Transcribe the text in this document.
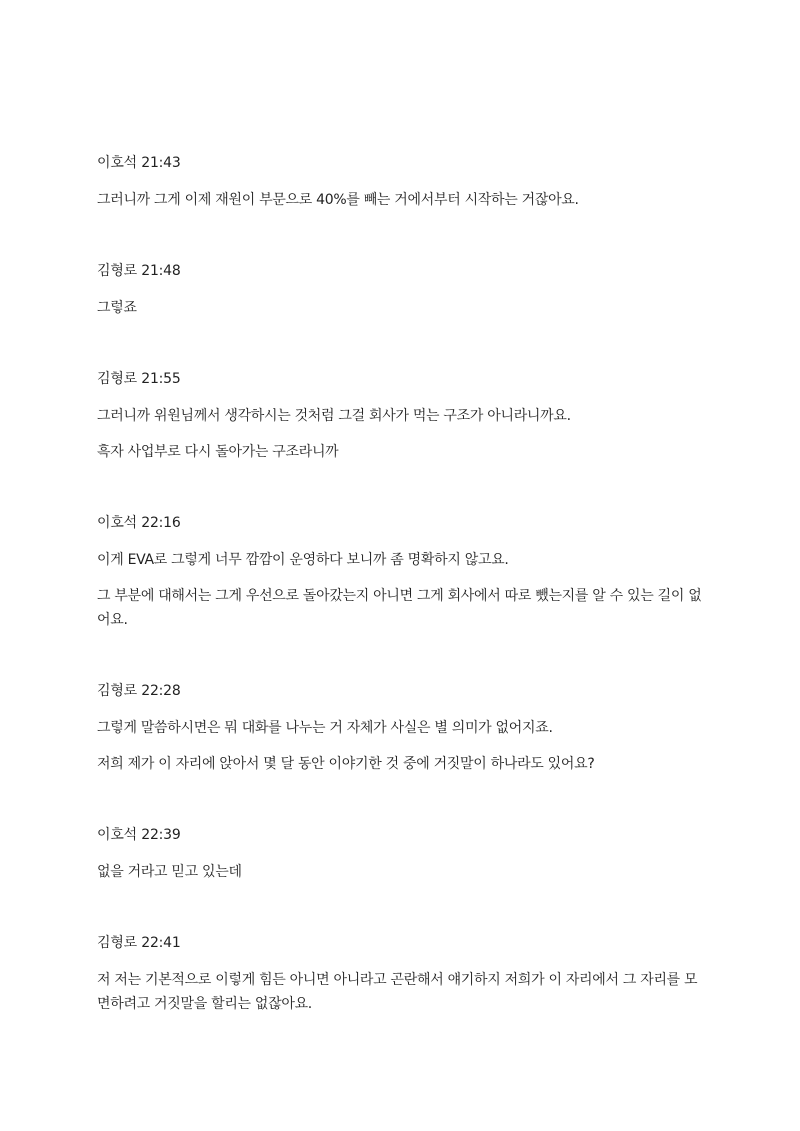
이호석 21:43

그러니까 그게 이제 재원이 부문으로 40%를 빼는 거에서부터 시작하는 거잖아요.

김형로 21:48

그렇죠

김형로 21:55

그러니까 위원님께서 생각하시는 것처럼 그걸 회사가 먹는 구조가 아니라니까요.

흑자 사업부로 다시 돌아가는 구조라니까

이호석 22:16

이게 EVA로 그렇게 너무 깜깜이 운영하다 보니까 좀 명확하지 않고요.

그 부분에 대해서는 그게 우선으로 돌아갔는지 아니면 그게 회사에서 따로 뺐는지를 알 수 있는 길이 없어요.

김형로 22:28

그렇게 말씀하시면은 뭐 대화를 나누는 거 자체가 사실은 별 의미가 없어지죠.

저희 제가 이 자리에 앉아서 몇 달 동안 이야기한 것 중에 거짓말이 하나라도 있어요?

이호석 22:39

없을 거라고 믿고 있는데

김형로 22:41

저 저는 기본적으로 이렇게 힘든 아니면 아니라고 곤란해서 얘기하지 저희가 이 자리에서 그 자리를 모면하려고 거짓말을 할리는 없잖아요.
